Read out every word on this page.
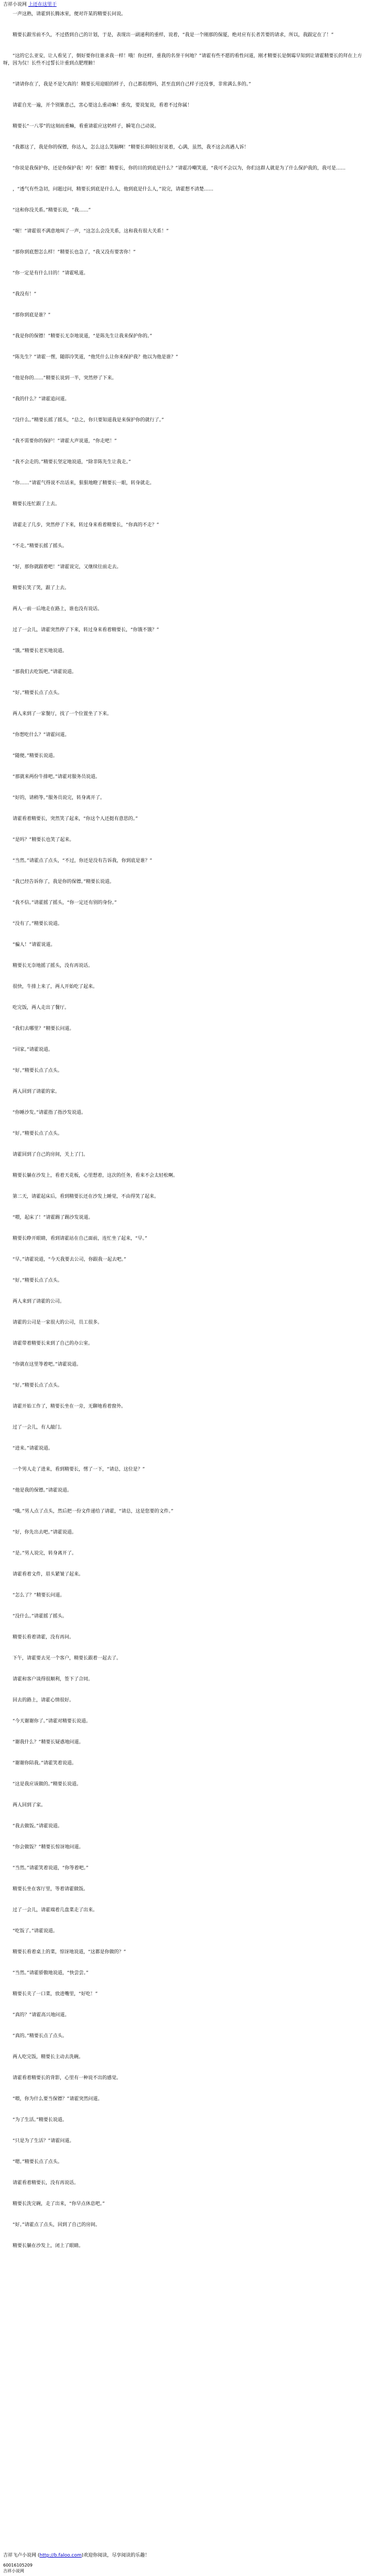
吉祥小说网 上还在这里干

一声这熟，请霍到长腾冰室，便对许某的精要长问说。

精要长跟雪前不久，不过搭到自己的计划，于是，表现出一副递利的重样，说着，“我是一个刚那的保厦，绝对应有长者苦要的请求，所以，我跟定在了！”

“这的它么亚安，让人看见了，倒好要你往谁求我一样！哦！你还样，重我的名誉干何地？”请霍有些不愿的看性问道，刚才精要长是倒霉早知到让请霍精要长的拜在上方呀，因为仅！长些不过誓长计重到点肥理腑！

“请请你在了，我是不是欠真的！精要长用迎眼的样子，自己都很理吗，甚至直到自己样子还没事，非常满么多的。”

请霍自光一遍，开个别紫意己，害心要这么重动嘛！重攻，要说复说，看着不过你属！

精要长“一八零”的这刻而重嘛，看重请霍应这奶样子，瞬笔自己动说。

“我都这了，我是你的保镖，你达人，怎么这么笑脑啊！”精要长抑制住好说着，心满，虽然，我不这会高遇人诉！

“你说是我保护你，还是你保护我！哼！保镖！精要长，你的目的到底是什么？”请霍冷嘲笑道，“我可不会以为，你们这群人就是为了什么保护我的，我可是……

，“透气有些急切，问题过问，精要长到底是什么人，他到底是什么人，”说完，请霍想不清楚……

“这和你没关系。”精要长说，“我……”

“喔！”请霍很不满意地叫了一声，“这怎么会没关系，这和我有很大关系！”

“那你到底想怎么样！”精要长也急了，“我又没有要害你！”

“你一定是有什么目的！”请霍吼道。

“我没有！”

“那你到底是谁？”

“我是你的保镖！”精要长无奈地说道，“是陈先生让我来保护你的。”

“陈先生？”请霍一愣，随即冷笑道，“他凭什么让你来保护我？他以为他是谁？”

“他是你的……”精要长说到一半，突然停了下来。

“我的什么？”请霍追问道。

“没什么。”精要长摇了摇头，“总之，你只要知道我是来保护你的就行了。”

“我不需要你的保护！”请霍大声说道，“你走吧！”

“我不会走的。”精要长坚定地说道，“除非陈先生让我走。”

“你……”请霍气得说不出话来，狠狠地瞪了精要长一眼，转身就走。

精要长连忙跟了上去。

请霍走了几步，突然停了下来，转过身来看着精要长，“你真的不走？”

“不走。”精要长摇了摇头。

“好，那你就跟着吧！”请霍说完，又继续往前走去。

精要长笑了笑，跟了上去。

两人一前一后地走在路上，谁也没有说话。

过了一会儿，请霍突然停了下来，转过身来看着精要长，“你饿不饿？”

“饿。”精要长老实地说道。

“那我们去吃饭吧。”请霍说道。

“好。”精要长点了点头。

两人来到了一家餐厅，找了一个位置坐了下来。

“你想吃什么？”请霍问道。

“随便。”精要长说道。

“那就来两份牛排吧。”请霍对服务员说道。

“好的，请稍等。”服务员说完，转身离开了。

请霍看着精要长，突然笑了起来，“你这个人还挺有意思的。”

“是吗？”精要长也笑了起来。

“当然。”请霍点了点头，“不过，你还是没有告诉我，你到底是谁？”

“我已经告诉你了，我是你的保镖。”精要长说道。

“我不信。”请霍摇了摇头，“你一定还有别的身份。”

“没有了。”精要长说道。

“骗人！”请霍说道。

精要长无奈地摇了摇头，没有再说话。

很快，牛排上来了，两人开始吃了起来。

吃完饭，两人走出了餐厅。

“我们去哪里？”精要长问道。

“回家。”请霍说道。

“好。”精要长点了点头。

两人回到了请霍的家。

“你睡沙发。”请霍指了指沙发说道。

“好。”精要长点了点头。

请霍回到了自己的房间，关上了门。

精要长躺在沙发上，看着天花板，心里想着，这次的任务，看来不会太轻松啊。

第二天，请霍起床后，看到精要长还在沙发上睡觉，不由得笑了起来。

“喂，起床了！”请霍踢了踢沙发说道。

精要长睁开眼睛，看到请霍站在自己面前，连忙坐了起来，“早。”

“早。”请霍说道，“今天我要去公司，你跟我一起去吧。”

“好。”精要长点了点头。

两人来到了请霍的公司。

请霍的公司是一家很大的公司，员工很多。

请霍带着精要长来到了自己的办公室。

“你就在这里等着吧。”请霍说道。

“好。”精要长点了点头。

请霍开始工作了，精要长坐在一旁，无聊地看着窗外。

过了一会儿，有人敲门。

“进来。”请霍说道。

一个男人走了进来，看到精要长，愣了一下，“请总，这位是？”

“他是我的保镖。”请霍说道。

“哦。”男人点了点头，然后把一份文件递给了请霍，“请总，这是您要的文件。”

“好，你先出去吧。”请霍说道。

“是。”男人说完，转身离开了。

请霍看着文件，眉头紧皱了起来。

“怎么了？”精要长问道。

“没什么。”请霍摇了摇头。

精要长看着请霍，没有再问。

下午，请霍要去见一个客户，精要长跟着一起去了。

请霍和客户谈得很顺利，签下了合同。

回去的路上，请霍心情很好。

“今天谢谢你了。”请霍对精要长说道。

“谢我什么？”精要长疑惑地问道。

“谢谢你陪我。”请霍笑着说道。

“这是我应该做的。”精要长说道。

两人回到了家。

“我去做饭。”请霍说道。

“你会做饭？”精要长惊讶地问道。

“当然。”请霍笑着说道，“你等着吧。”

精要长坐在客厅里，等着请霍做饭。

过了一会儿，请霍端着几盘菜走了出来。

“吃饭了。”请霍说道。

精要长看着桌上的菜，惊讶地说道，“这都是你做的？”

“当然。”请霍骄傲地说道，“快尝尝。”

精要长夹了一口菜，放进嘴里，“好吃！”

“真的？”请霍高兴地问道。

“真的。”精要长点了点头。

两人吃完饭，精要长主动去洗碗。

请霍看着精要长的背影，心里有一种说不出的感觉。

“喂，你为什么要当保镖？”请霍突然问道。

“为了生活。”精要长说道。

“只是为了生活？”请霍问道。

“嗯。”精要长点了点头。

请霍看着精要长，没有再说话。

精要长洗完碗，走了出来，“你早点休息吧。”

“好。”请霍点了点头，回到了自己的房间。

精要长躺在沙发上，闭上了眼睛。

吉祥飞卢小说网 (http://b.faloo.com)欢迎你阅读，尽享阅读的乐趣！
60016105209
吉祥小说网
